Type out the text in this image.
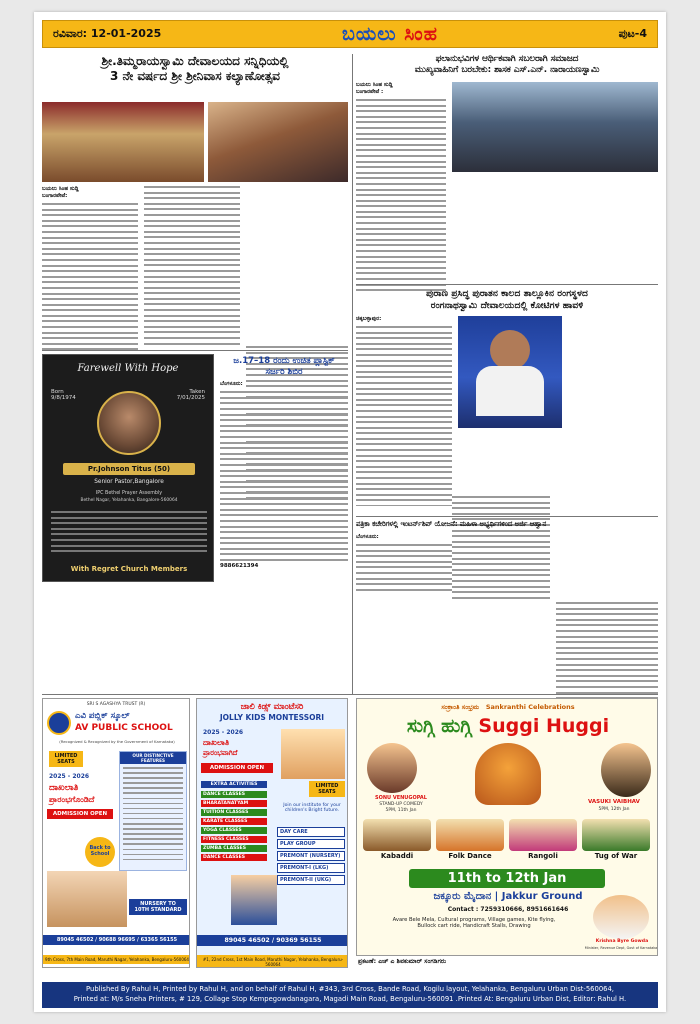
ರವಿವಾರ: 12-01-2025	ಬಯಲು ಸಿಂಹ	ಪುಟ-4
ಶ್ರೀ.ತಿಮ್ಮರಾಯಸ್ವಾಮಿ ದೇವಾಲಯದ ಸನ್ನಿಧಿಯಲ್ಲಿ
3 ನೇ ವರ್ಷದ ಶ್ರೀ ಶ್ರೀನಿವಾಸ ಕಲ್ಯಾಣೋತ್ಸವ
ಬಯಲು ಸಿಂಹ ಸುದ್ದಿ
ಬಂಗಾರಪೇಟೆ:
Farewell With Hope
Born
9/8/1974
Taken
7/01/2025
Pr.Johnson Titus (50)
Senior Pastor,Bangalore
IPC Bethel Prayer Assembly
Bethel Nagar, Yelahanka, Bangalore-560064
With Regret Church Members
ಜ.17–18 ರಂದು ಉಚಿತ ಪ್ಲಾಸ್ಟಿಕ್
ಸರ್ಜರಿ ಶಿಬಿರ
ಬೆಂಗಳೂರು:
9886621394
ಫಲಾನುಭವಿಗಳ ಆರ್ಥಿಕವಾಗಿ ಸಬಲರಾಗಿ ಸಮಾಜದ
ಮುಖ್ಯವಾಹಿನಿಗೆ ಬರಬೇಕು: ಶಾಸಕ ಎಸ್.ಎನ್. ನಾರಾಯಣಸ್ವಾಮಿ
ಬಯಲು ಸಿಂಹ ಸುದ್ದಿ
ಬಂಗಾರಪೇಟೆ :
ಪುರಾಣ ಪ್ರಸಿದ್ಧ ಪುರಾತನ ಕಾಲದ ತಾಲ್ಲೂಕಿನ ರಂಗಸ್ಥಳದ
ರಂಗನಾಥಸ್ವಾಮಿ ದೇವಾಲಯದಲ್ಲಿ ಕೋಟಿಗಳ ಹಾವಳಿ
ಚಿಕ್ಕಬಳ್ಳಾಪುರ:
ಪತ್ರಿಕಾ ಕಚೇರಿಗಳಲ್ಲಿ ಇಂಟರ್ನ್‌ಶಿಪ್ ಯೋಜನೆ: ಮಹಿಳಾ ಅಭ್ಯರ್ಥಿಗಳಿಂದ ಅರ್ಜಿ ಆಹ್ವಾನ
ಬೆಂಗಳೂರು:
SRI S AGASHYA TRUST (R)
ಎವಿ ಪಬ್ಲಿಕ್ ಸ್ಕೂಲ್
AV PUBLIC SCHOOL
(Recognized & Recognized by the Government of Karnataka)
LIMITED
SEATS
2025 - 2026
ದಾಖಲಾತಿ
ಪ್ರಾರಂಭಗೊಂಡಿದೆ
ADMISSION OPEN
OUR DISTINCTIVE FEATURES
Back to School
NURSERY TO
10TH STANDARD
89045 46502 / 90688 96695 / 63365 56155
9th Cross, 7th Main Road, Maruthi Nagar, Yelahanka, Bengaluru-560064
ಜಾಲಿ ಕಿಡ್ಸ್ ಮಾಂಟೆಸರಿ
JOLLY KIDS MONTESSORI
2025 - 2026
ದಾಖಲಾತಿ
ಪ್ರಾರಂಭವಾಗಿದೆ
ADMISSION OPEN
LIMITED
SEATS
Join our institute for your children's Bright future.
EXTRA ACTIVITIES
DANCE CLASSES
BHARATANATYAM
TUITION CLASSES
KARATE CLASSES
YOGA CLASSES
FITNESS CLASSES
ZUMBA CLASSES
DANCE CLASSES
DAY CARE
PLAY GROUP
PREMONT (NURSERY)
PREMONT-I (LKG)
PREMONT-II (UKG)
89045 46502 / 90369 56155
#1, 22nd Cross, 1st Main Road, Maruthi Nagar, Yelahanka, Bengaluru-560064
ಸಂಕ್ರಾಂತಿ ಸಂಭ್ರಮ Sankranthi Celebrations
ಸುಗ್ಗಿ ಹುಗ್ಗಿ Suggi Huggi
SONU VENUGOPAL
STAND-UP COMEDY
5PM, 11th Jan
VASUKI VAIBHAV
5PM, 12th Jan
Kabaddi	Folk Dance	Rangoli	Tug of War
11th to 12th Jan
ಜಕ್ಕೂರು ಮೈದಾನ | Jakkur Ground
Contact : 7259310666, 8951661646
Avare Bele Mela, Cultural programs, Village games, Kite flying,
Bullock cart ride, Handicraft Stalls, Drawing
Krishna Byre Gowda
Minister, Revenue Dept, Govt of Karnataka
ಪ್ರಕಟಣೆ: ಎಚ್ ಎ ಶಿವಕುಮಾರ್ ಸಂಗಡಿಗರು
Published By Rahul H, Printed by Rahul H, and on behalf of Rahul H, #343, 3rd Cross, Bande Road, Kogilu layout, Yelahanka, Bengaluru Urban Dist-560064,
Printed at: M/s Sneha Printers, # 129, Collage Stop Kempegowdanagara, Magadi Main Road, Bengaluru-560091 .Printed At: Bengaluru Urban Dist, Editor: Rahul H.
